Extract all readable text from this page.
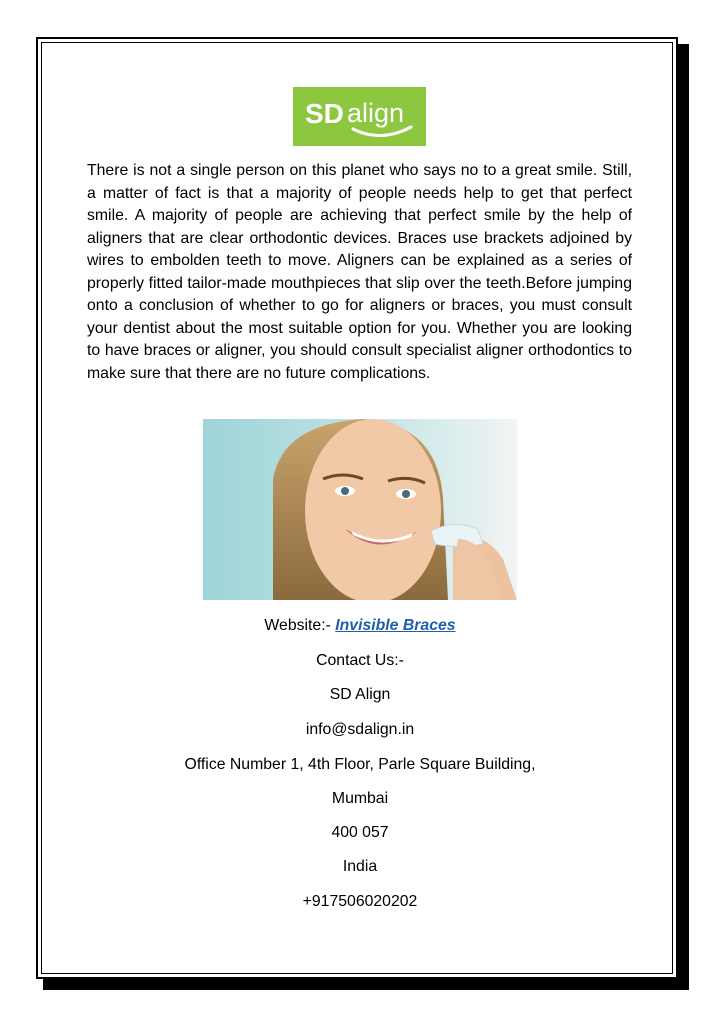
SD align

There is not a single person on this planet who says no to a great smile. Still, a matter of fact is that a majority of people needs help to get that perfect smile. A majority of people are achieving that perfect smile by the help of aligners that are clear orthodontic devices. Braces use brackets adjoined by wires to embolden teeth to move. Aligners can be explained as a series of properly fitted tailor-made mouthpieces that slip over the teeth.Before jumping onto a conclusion of whether to go for aligners or braces, you must consult your dentist about the most suitable option for you. Whether you are looking to have braces or aligner, you should consult specialist aligner orthodontics to make sure that there are no future complications.

Website:- Invisible Braces

Contact Us:-

SD Align

info@sdalign.in

Office Number 1, 4th Floor, Parle Square Building,

Mumbai

400 057

India

+917506020202
